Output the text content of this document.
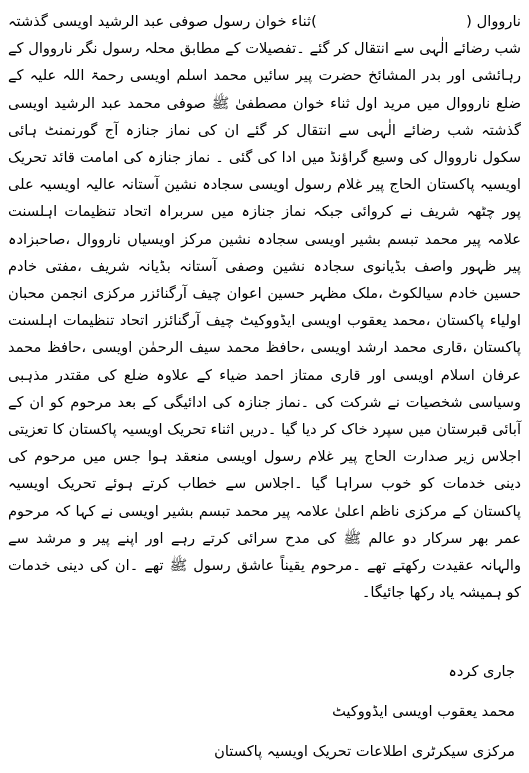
نارووال (                               )ثناء خوان رسول صوفی عبد الرشید اویسی گذشتہ شب رضائے الٰہی سے انتقال کر گئے ۔تفصیلات کے مطابق محلہ رسول نگر نارووال کے رہائشی اور بدر المشائخ حضرت پیر سائیں محمد اسلم اویسی رحمۃ اللہ علیہ کے ضلع نارووال میں مرید اول ثناء خوان مصطفیٰ ﷺ صوفی محمد عبد الرشید اویسی گذشتہ شب رضائے الٰہی سے انتقال کر گئے ان کی نماز جنازہ آج گورنمنٹ ہائی سکول نارووال کی وسیع گراؤنڈ میں ادا کی گئی ۔ نماز جنازہ کی امامت قائد تحریک اویسیہ پاکستان الحاج پیر غلام رسول اویسی سجادہ نشین آستانہ عالیہ اویسیہ علی پور چٹھہ شریف نے کروائی جبکہ نماز جنازہ میں سربراہ اتحاد تنظیمات اہلسنت علامہ پیر محمد تبسم بشیر اویسی سجادہ نشین مرکز اویسیاں نارووال ،صاحبزادہ پیر ظہور واصف بڈیانوی سجادہ نشین وصفی آستانہ بڈیانہ شریف ،مفتی خادم حسین خادم سیالکوٹ ،ملک مظہر حسین اعوان چیف آرگنائزر مرکزی انجمن محبان اولیاء پاکستان ،محمد یعقوب اویسی ایڈووکیٹ چیف آرگنائزر اتحاد تنظیمات اہلسنت پاکستان ،قاری محمد ارشد اویسی ،حافظ محمد سیف الرحمٰن اویسی ،حافظ محمد عرفان اسلام اویسی اور قاری ممتاز احمد ضیاء کے علاوہ ضلع کی مقتدر مذہبی وسیاسی شخصیات نے شرکت کی ۔نماز جنازہ کی ادائیگی کے بعد مرحوم کو ان کے آبائی قبرستان میں سپرد خاک کر دیا گیا ۔دریں اثناء تحریک اویسیہ پاکستان کا تعزیتی اجلاس زیر صدارت الحاج پیر غلام رسول اویسی منعقد ہوا جس میں مرحوم کی دینی خدمات کو خوب سراہا گیا ۔اجلاس سے خطاب کرتے ہوئے تحریک اویسیہ پاکستان کے مرکزی ناظم اعلیٰ علامہ پیر محمد تبسم بشیر اویسی نے کہا کہ مرحوم عمر بھر سرکار دو عالم ﷺ کی مدح سرائی کرتے رہے اور اپنے پیر و مرشد سے والہانہ عقیدت رکھتے تھے ۔مرحوم یقیناً عاشق رسول ﷺ تھے ۔ان کی دینی خدمات کو ہمیشہ یاد رکھا جائیگا۔

جاری کردہ
محمد یعقوب اویسی ایڈووکیٹ
مرکزی سیکرٹری اطلاعات تحریک اویسیہ پاکستان
